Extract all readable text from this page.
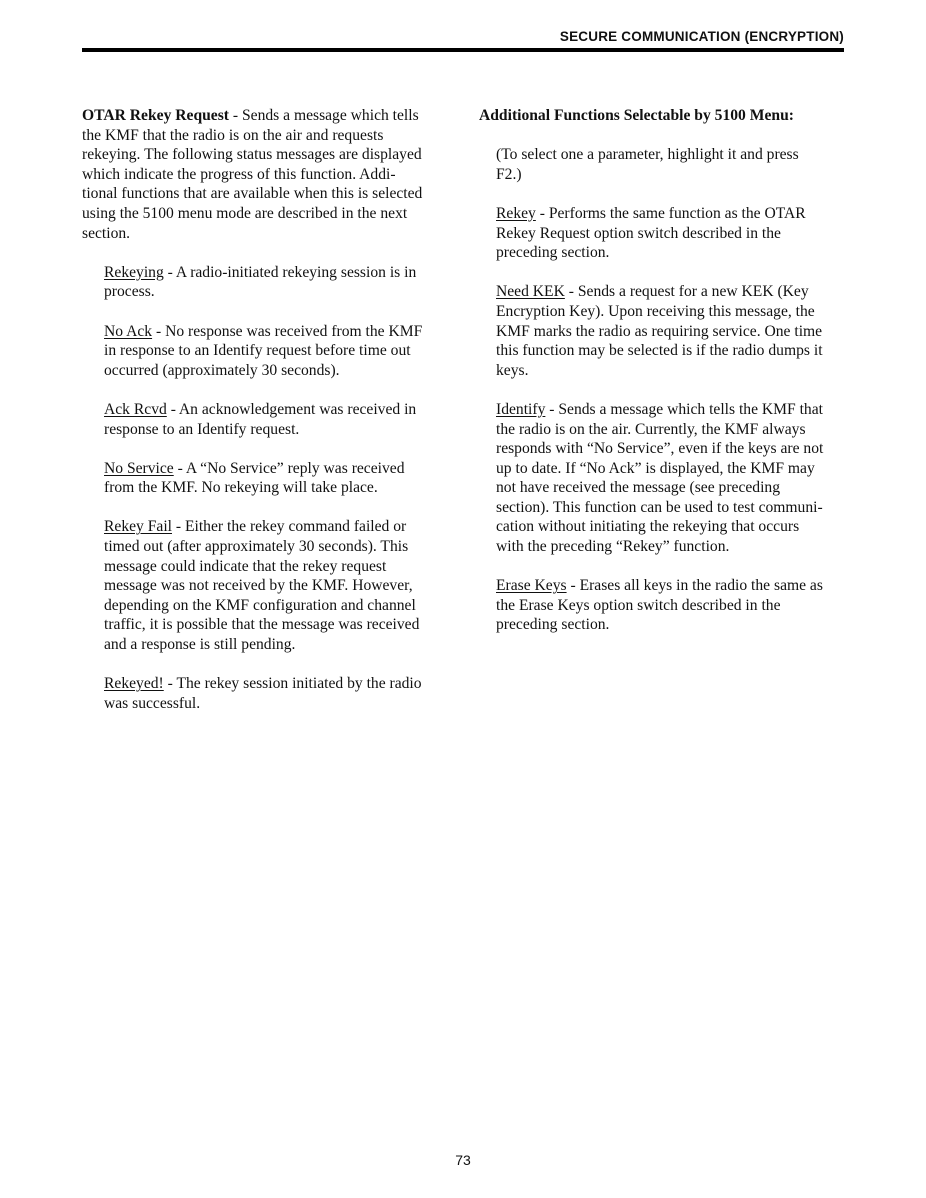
SECURE COMMUNICATION (ENCRYPTION)

OTAR Rekey Request - Sends a message which tells
the KMF that the radio is on the air and requests
rekeying. The following status messages are displayed
which indicate the progress of this function. Addi-
tional functions that are available when this is selected
using the 5100 menu mode are described in the next
section.

Rekeying - A radio-initiated rekeying session is in
process.

No Ack - No response was received from the KMF
in response to an Identify request before time out
occurred (approximately 30 seconds).

Ack Rcvd - An acknowledgement was received in
response to an Identify request.

No Service - A “No Service” reply was received
from the KMF. No rekeying will take place.

Rekey Fail - Either the rekey command failed or
timed out (after approximately 30 seconds). This
message could indicate that the rekey request
message was not received by the KMF. However,
depending on the KMF configuration and channel
traffic, it is possible that the message was received
and a response is still pending.

Rekeyed! - The rekey session initiated by the radio
was successful.

Additional Functions Selectable by 5100 Menu:

(To select one a parameter, highlight it and press
F2.)

Rekey - Performs the same function as the OTAR
Rekey Request option switch described in the
preceding section.

Need KEK - Sends a request for a new KEK (Key
Encryption Key). Upon receiving this message, the
KMF marks the radio as requiring service. One time
this function may be selected is if the radio dumps it
keys.

Identify - Sends a message which tells the KMF that
the radio is on the air. Currently, the KMF always
responds with “No Service”, even if the keys are not
up to date. If “No Ack” is displayed, the KMF may
not have received the message (see preceding
section). This function can be used to test communi-
cation without initiating the rekeying that occurs
with the preceding “Rekey” function.

Erase Keys - Erases all keys in the radio the same as
the Erase Keys option switch described in the
preceding section.

73
